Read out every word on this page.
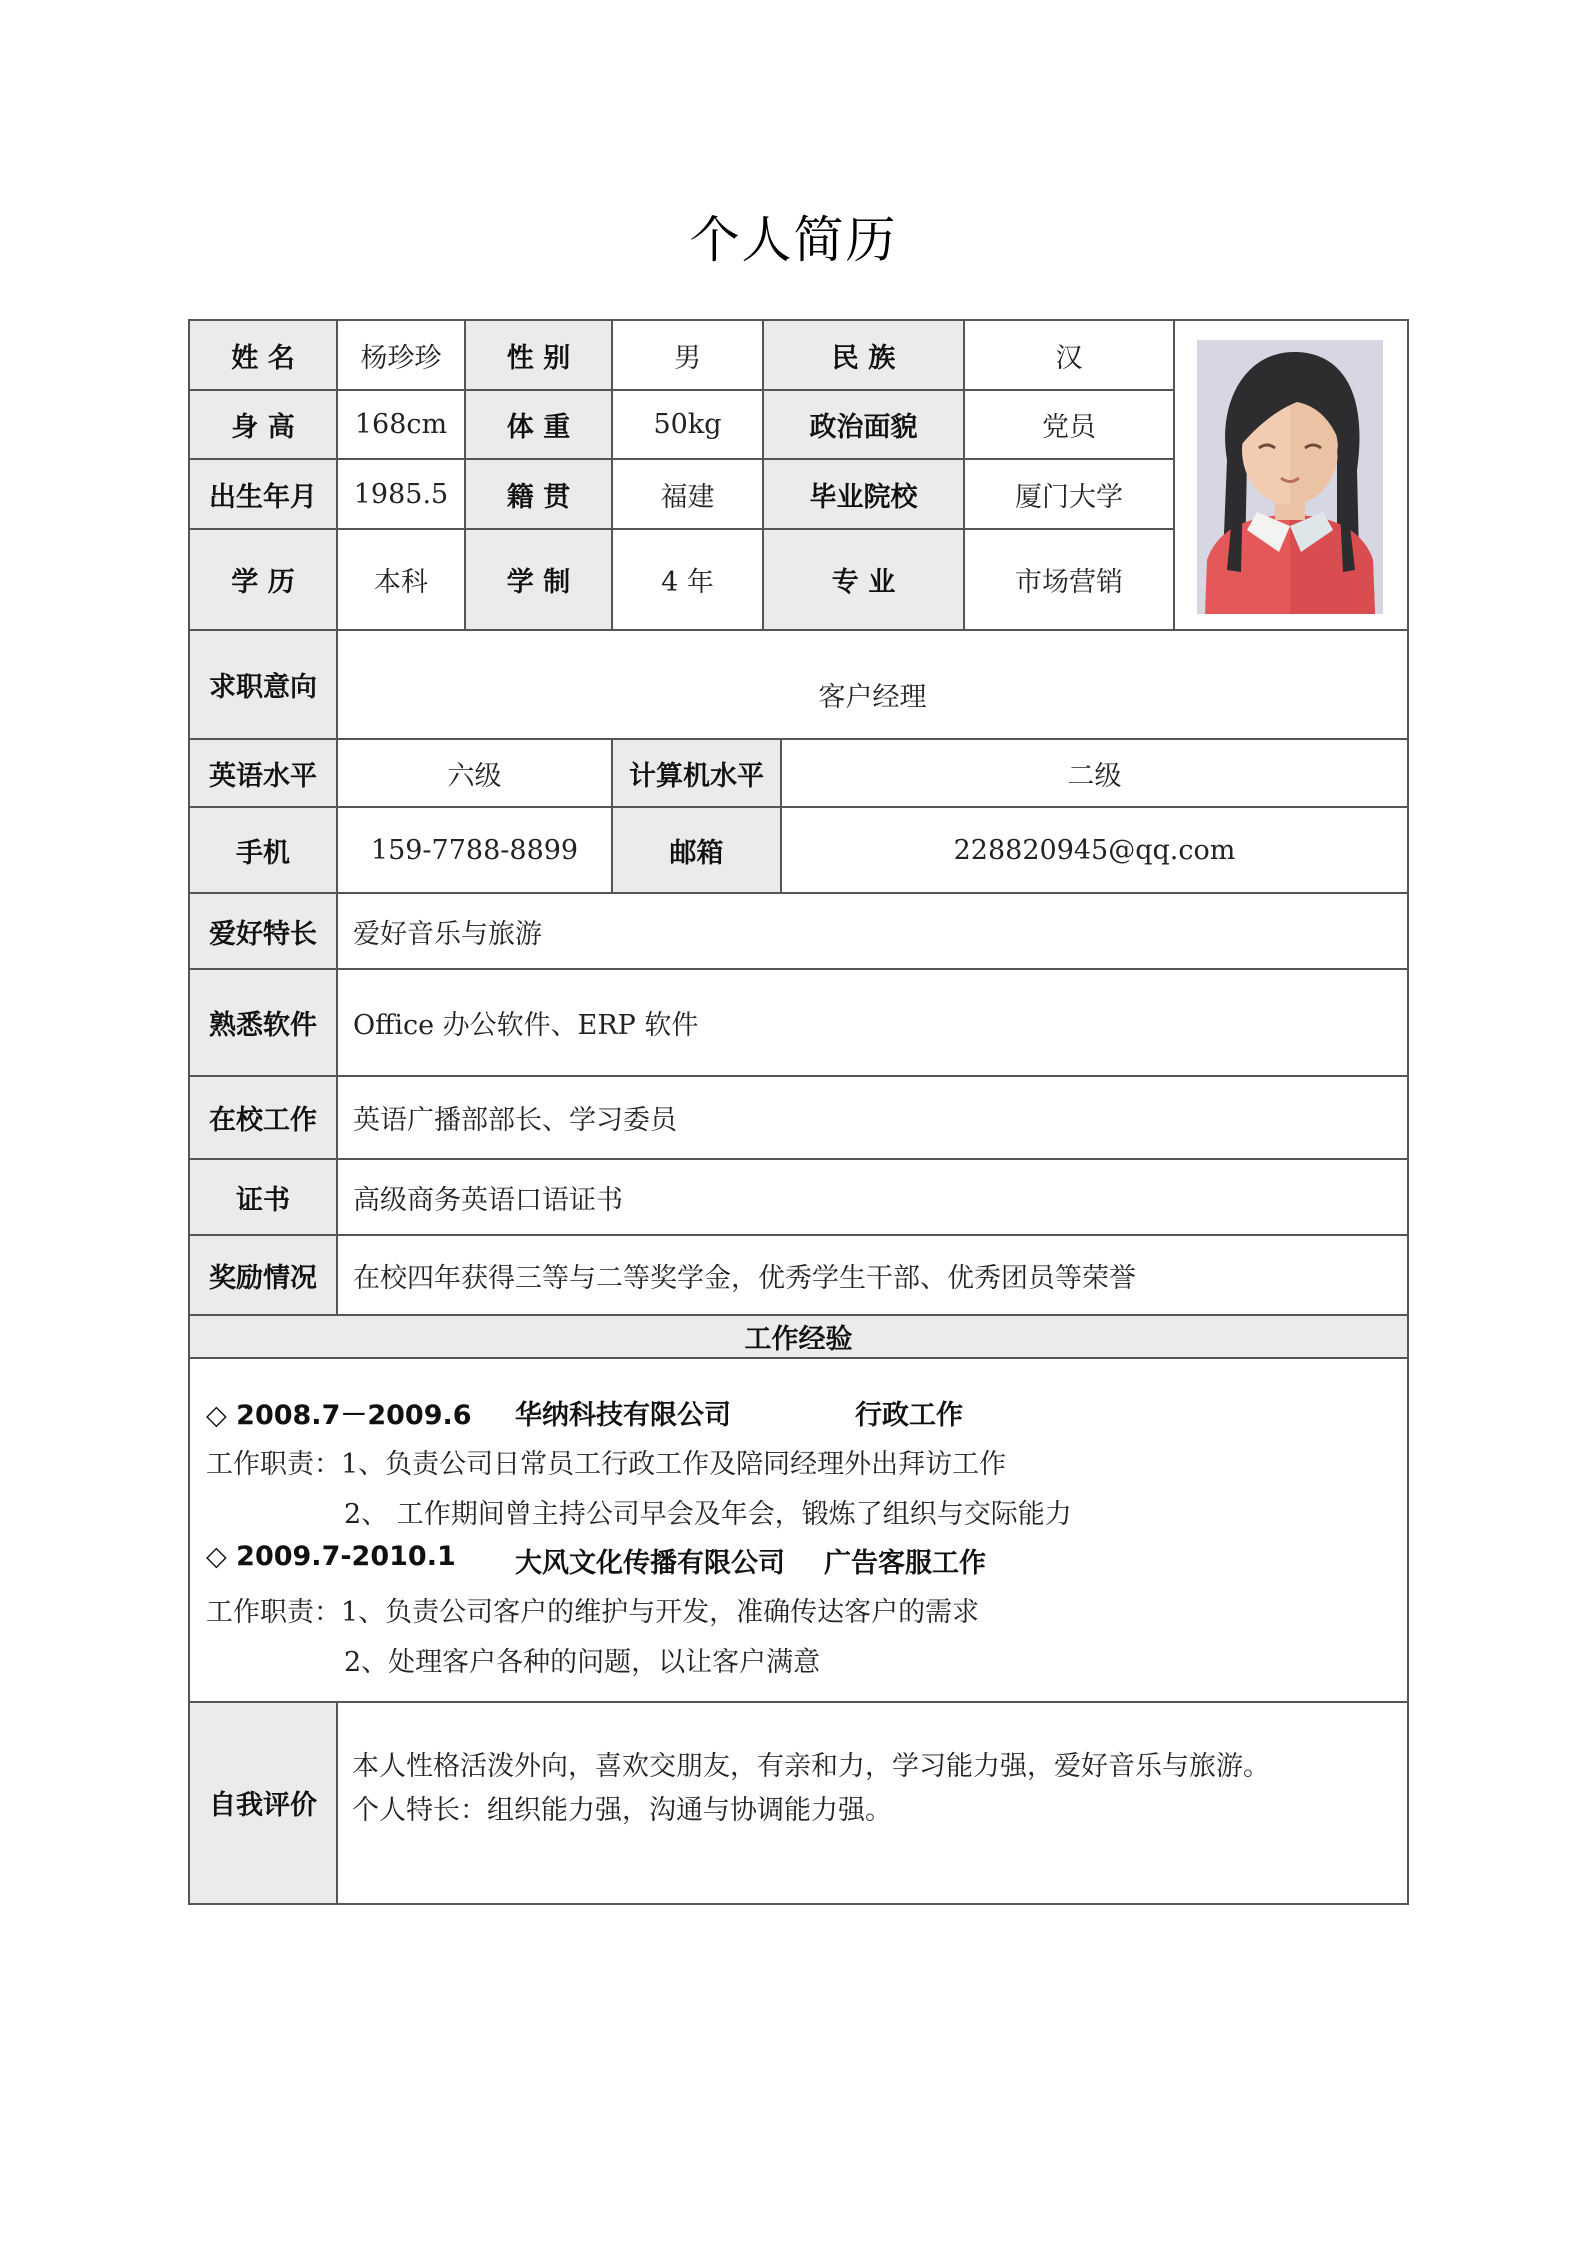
个人简历
姓 名	杨珍珍	性 别	男	民 族	汉
身 高	168cm	体 重	50kg	政治面貌	党员
出生年月	1985.5	籍 贯	福建	毕业院校	厦门大学
学 历	本科	学 制	4 年	专 业	市场营销
求职意向	客户经理
英语水平	六级	计算机水平	二级
手机	159-7788-8899	邮箱	228820945@qq.com
爱好特长	爱好音乐与旅游
熟悉软件	Office 办公软件、ERP 软件
在校工作	英语广播部部长、学习委员
证书	高级商务英语口语证书
奖励情况	在校四年获得三等与二等奖学金，优秀学生干部、优秀团员等荣誉
工作经验
◇ 2008.7－2009.6 华纳科技有限公司	行政工作
工作职责：1、负责公司日常员工行政工作及陪同经理外出拜访工作
2、 工作期间曾主持公司早会及年会，锻炼了组织与交际能力
◇ 2009.7-2010.1 大风文化传播有限公司 广告客服工作
工作职责：1、负责公司客户的维护与开发，准确传达客户的需求
2、处理客户各种的问题，以让客户满意
自我评价
本人性格活泼外向，喜欢交朋友，有亲和力，学习能力强，爱好音乐与旅游。
个人特长：组织能力强，沟通与协调能力强。
